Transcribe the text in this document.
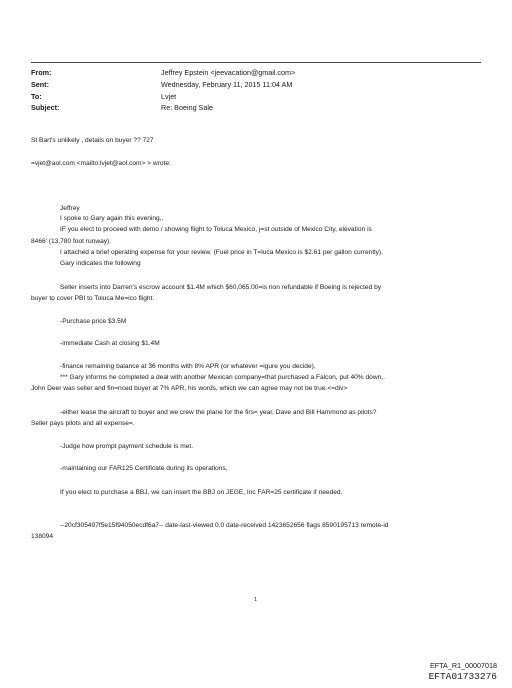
From:	Jeffrey Epstein <jeevacation@gmail.com>
Sent:	Wednesday, February 11, 2015 11:04 AM
To:	Lvjet
Subject:	Re: Boeing Sale
St Bart's unlikely , details on buyer ?? 727
=vjet@aol.com <mailto:lvjet@aol.com> > wrote:
Jeffrey
I spoke to Gary again this evening,.
IF you elect to proceed with demo / showing flight to Toluca Mexico, j=st outside of Mexico City, elevation is
8466' (13,780 foot runway).
I attached a brief operating expense for your review. (Fuel price in T=luca Mexico is $2.61 per gallon currently).
Gary indicates the following
Seller inserts into Darren's escrow account $1.4M which $60,065.00=is non refundable if Boeing is rejected by
buyer to cover PBI to Toluca Me=ico flight.
-Purchase price $3.5M
-immediate Cash at closing $1.4M
-finance remaining balance at 36 months with 8% APR (or whatever =igure you decide),
*** Gary informs he completed a deal with another Mexican company=that purchased a Falcon, put 40% down,.
John Deer was seller and fin=nced buyer at 7% APR, his words, which we can agree may not be true.<=div>
-either lease the aircraft to buyer and we crew the plane for the firs= year, Dave and Bill Hammond as pilots?
Seller pays pilots and all expense=.
-Judge how prompt payment schedule is met.
-maintaining our FAR125 Certificate during its operations,
If you elect to purchase a BBJ, we can insert the BBJ on JEGE, Inc FAR=25 certificate if needed.
--20cf305497f5e15f94050ecdf6a7-- date-last-viewed 0.0 date-received 1423652656 flags 8590195713 remote-id
138094
1
EFTA_R1_00007018
EFTA01733276
